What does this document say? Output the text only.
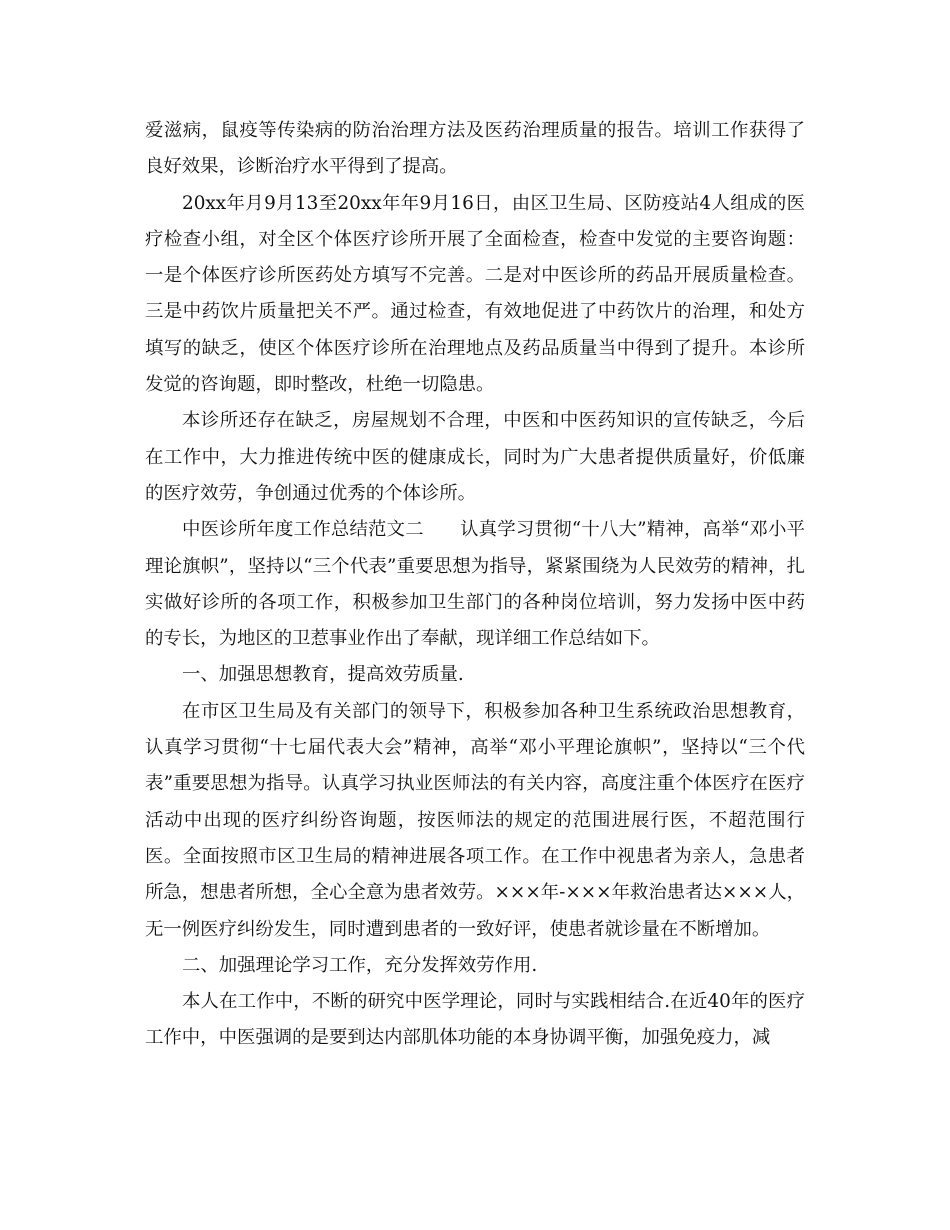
爱滋病，鼠疫等传染病的防治治理方法及医药治理质量的报告。培训工作获得了良好效果，诊断治疗水平得到了提高。

20xx年月9月13至20xx年年9月16日，由区卫生局、区防疫站4人组成的医疗检查小组，对全区个体医疗诊所开展了全面检查，检查中发觉的主要咨询题：一是个体医疗诊所医药处方填写不完善。二是对中医诊所的药品开展质量检查。三是中药饮片质量把关不严。通过检查，有效地促进了中药饮片的治理，和处方填写的缺乏，使区个体医疗诊所在治理地点及药品质量当中得到了提升。本诊所发觉的咨询题，即时整改，杜绝一切隐患。

本诊所还存在缺乏，房屋规划不合理，中医和中医药知识的宣传缺乏，今后在工作中，大力推进传统中医的健康成长，同时为广大患者提供质量好，价低廉的医疗效劳，争创通过优秀的个体诊所。

中医诊所年度工作总结范文二 认真学习贯彻“十八大”精神，高举“邓小平理论旗帜”，坚持以“三个代表”重要思想为指导，紧紧围绕为人民效劳的精神，扎实做好诊所的各项工作，积极参加卫生部门的各种岗位培训，努力发扬中医中药的专长，为地区的卫惹事业作出了奉献，现详细工作总结如下。

一、加强思想教育，提高效劳质量.

在市区卫生局及有关部门的领导下，积极参加各种卫生系统政治思想教育，认真学习贯彻“十七届代表大会”精神，高举“邓小平理论旗帜”，坚持以“三个代表”重要思想为指导。认真学习执业医师法的有关内容，高度注重个体医疗在医疗活动中出现的医疗纠纷咨询题，按医师法的规定的范围进展行医，不超范围行医。全面按照市区卫生局的精神进展各项工作。在工作中视患者为亲人，急患者所急，想患者所想，全心全意为患者效劳。×××年-×××年救治患者达×××人，无一例医疗纠纷发生，同时遭到患者的一致好评，使患者就诊量在不断增加。

二、加强理论学习工作，充分发挥效劳作用.

本人在工作中，不断的研究中医学理论，同时与实践相结合.在近40年的医疗工作中，中医强调的是要到达内部肌体功能的本身协调平衡，加强免疫力，减
